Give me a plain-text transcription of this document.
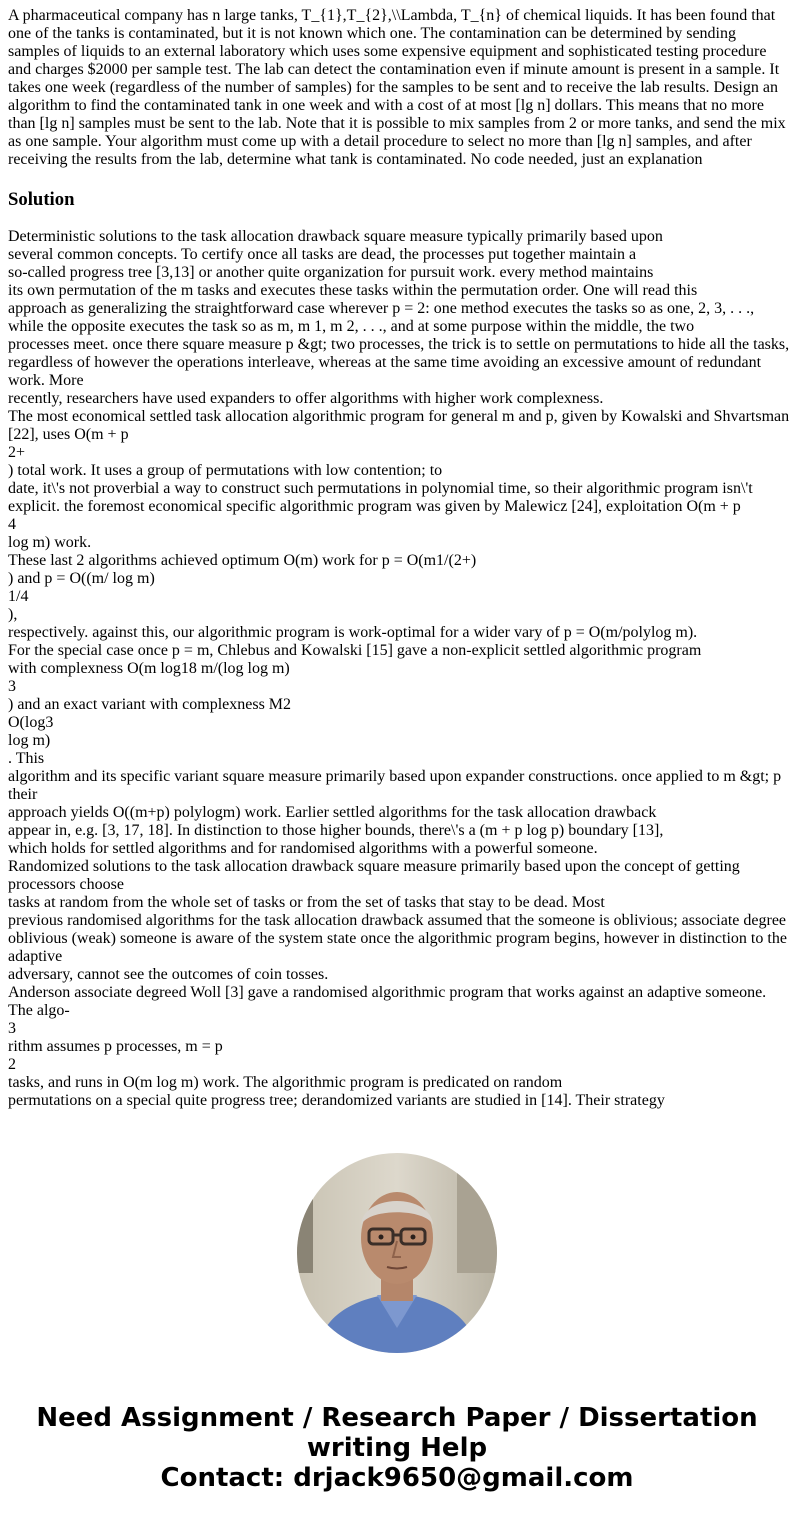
A pharmaceutical company has n large tanks, T_{1},T_{2},\\Lambda, T_{n} of chemical liquids. It has been found that one of the tanks is contaminated, but it is not known which one. The contamination can be determined by sending samples of liquids to an external laboratory which uses some expensive equipment and sophisticated testing procedure and charges $2000 per sample test. The lab can detect the contamination even if minute amount is present in a sample. It takes one week (regardless of the number of samples) for the samples to be sent and to receive the lab results. Design an algorithm to find the contaminated tank in one week and with a cost of at most [lg n] dollars. This means that no more than [lg n] samples must be sent to the lab. Note that it is possible to mix samples from 2 or more tanks, and send the mix as one sample. Your algorithm must come up with a detail procedure to select no more than [lg n] samples, and after receiving the results from the lab, determine what tank is contaminated. No code needed, just an explanation

Solution
Deterministic solutions to the task allocation drawback square measure typically primarily based upon
several common concepts. To certify once all tasks are dead, the processes put together maintain a
so-called progress tree [3,13] or another quite organization for pursuit work. every method maintains
its own permutation of the m tasks and executes these tasks within the permutation order. One will read this
approach as generalizing the straightforward case wherever p = 2: one method executes the tasks so as one, 2, 3, . . .,
while the opposite executes the task so as m, m 1, m 2, . . ., and at some purpose within the middle, the two
processes meet. once there square measure p &gt; two processes, the trick is to settle on permutations to hide all the tasks,
regardless of however the operations interleave, whereas at the same time avoiding an excessive amount of redundant work. More
recently, researchers have used expanders to offer algorithms with higher work complexness.
The most economical settled task allocation algorithmic program for general m and p, given by Kowalski and Shvartsman [22], uses O(m + p
2+
) total work. It uses a group of permutations with low contention; to
date, it\'s not proverbial a way to construct such permutations in polynomial time, so their algorithmic program isn\'t
explicit. the foremost economical specific algorithmic program was given by Malewicz [24], exploitation O(m + p
4
log m) work.
These last 2 algorithms achieved optimum O(m) work for p = O(m1/(2+)
) and p = O((m/ log m)
1/4
),
respectively. against this, our algorithmic program is work-optimal for a wider vary of p = O(m/polylog m).
For the special case once p = m, Chlebus and Kowalski [15] gave a non-explicit settled algorithmic program
with complexness O(m log18 m/(log log m)
3
) and an exact variant with complexness M2
O(log3
log m)
. This
algorithm and its specific variant square measure primarily based upon expander constructions. once applied to m &gt; p their
approach yields O((m+p) polylogm) work. Earlier settled algorithms for the task allocation drawback
appear in, e.g. [3, 17, 18]. In distinction to those higher bounds, there\'s a (m + p log p) boundary [13],
which holds for settled algorithms and for randomised algorithms with a powerful someone.
Randomized solutions to the task allocation drawback square measure primarily based upon the concept of getting processors choose
tasks at random from the whole set of tasks or from the set of tasks that stay to be dead. Most
previous randomised algorithms for the task allocation drawback assumed that the someone is oblivious; associate degree oblivious (weak) someone is aware of the system state once the algorithmic program begins, however in distinction to the adaptive
adversary, cannot see the outcomes of coin tosses.
Anderson associate degreed Woll [3] gave a randomised algorithmic program that works against an adaptive someone. The algo-
3
rithm assumes p processes, m = p
2
tasks, and runs in O(m log m) work. The algorithmic program is predicated on random
permutations on a special quite progress tree; derandomized variants are studied in [14]. Their strategy
Need Assignment / Research Paper / Dissertation
writing Help
Contact: drjack9650@gmail.com
